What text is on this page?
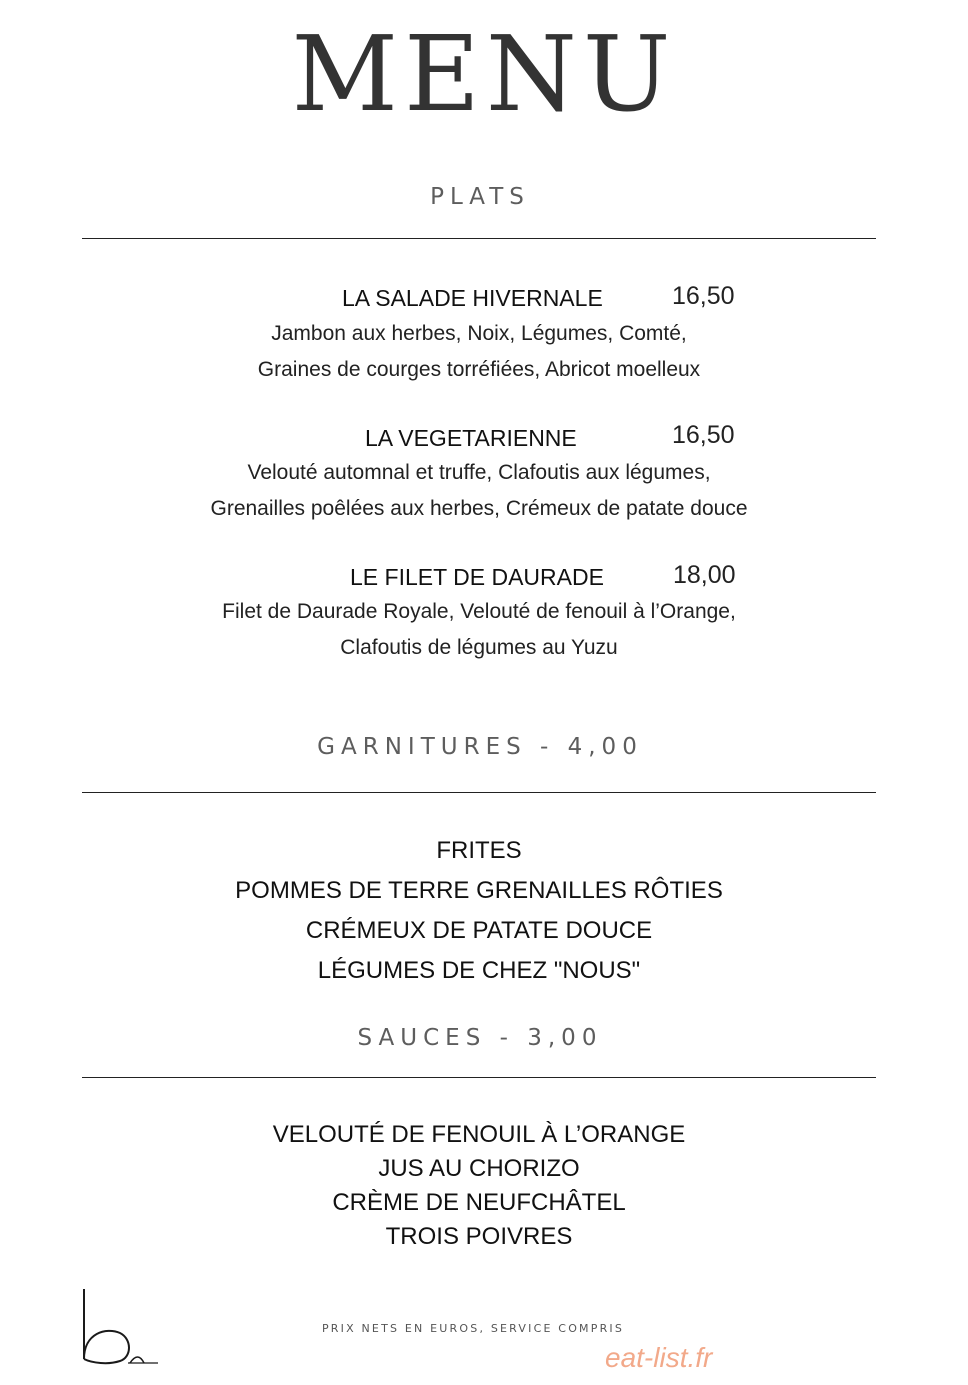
MENU
PLATS
LA SALADE HIVERNALE	16,50
Jambon aux herbes, Noix, Légumes, Comté,
Graines de courges torréfiées, Abricot moelleux
LA VEGETARIENNE	16,50
Velouté automnal et truffe, Clafoutis aux légumes,
Grenailles poêlées aux herbes, Crémeux de patate douce
LE FILET DE DAURADE	18,00
Filet de Daurade Royale, Velouté de fenouil à l’Orange,
Clafoutis de légumes au Yuzu
GARNITURES - 4,00
FRITES
POMMES DE TERRE GRENAILLES RÔTIES
CRÉMEUX DE PATATE DOUCE
LÉGUMES DE CHEZ "NOUS"
SAUCES - 3,00
VELOUTÉ DE FENOUIL À L’ORANGE
JUS AU CHORIZO
CRÈME DE NEUFCHÂTEL
TROIS POIVRES
PRIX NETS EN EUROS, SERVICE COMPRIS
eat-list.fr
